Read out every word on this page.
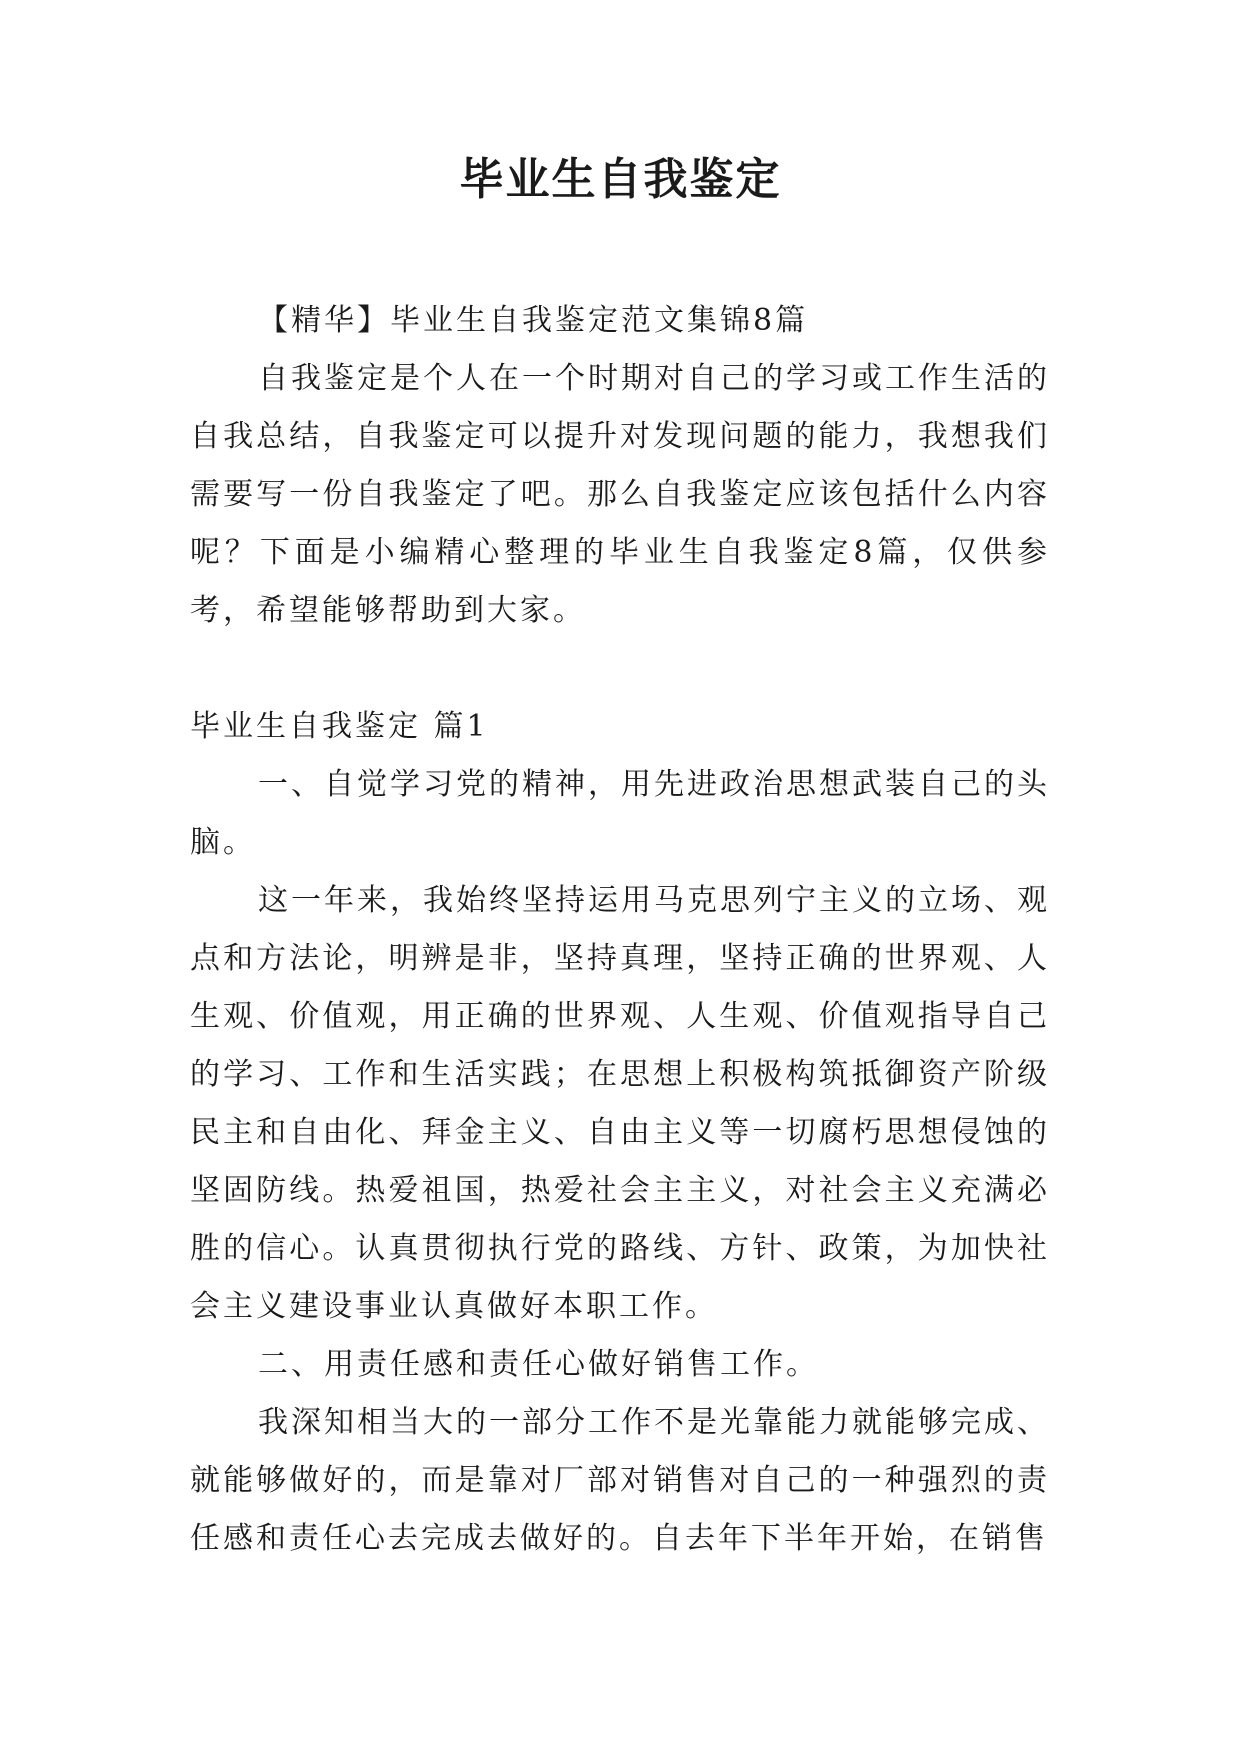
毕业生自我鉴定

【精华】毕业生自我鉴定范文集锦8篇

自我鉴定是个人在一个时期对自己的学习或工作生活的自我总结，自我鉴定可以提升对发现问题的能力，我想我们需要写一份自我鉴定了吧。那么自我鉴定应该包括什么内容呢？下面是小编精心整理的毕业生自我鉴定8篇，仅供参考，希望能够帮助到大家。

毕业生自我鉴定 篇1

一、自觉学习党的精神，用先进政治思想武装自己的头脑。

这一年来，我始终坚持运用马克思列宁主义的立场、观点和方法论，明辨是非，坚持真理，坚持正确的世界观、人生观、价值观，用正确的世界观、人生观、价值观指导自己的学习、工作和生活实践；在思想上积极构筑抵御资产阶级民主和自由化、拜金主义、自由主义等一切腐朽思想侵蚀的坚固防线。热爱祖国，热爱社会主主义，对社会主义充满必胜的信心。认真贯彻执行党的路线、方针、政策，为加快社会主义建设事业认真做好本职工作。

二、用责任感和责任心做好销售工作。

我深知相当大的一部分工作不是光靠能力就能够完成、就能够做好的，而是靠对厂部对销售对自己的一种强烈的责任感和责任心去完成去做好的。自去年下半年开始，在销售
